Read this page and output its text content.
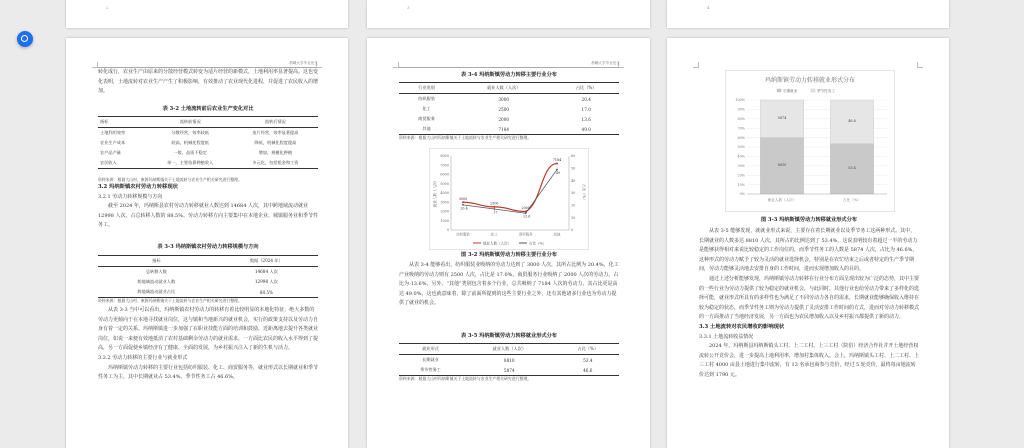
2	3	4
晨曦大学毕业论文

转化成行，农业生产由原来的分散经营模式转变为适片经营的新模式，土地利用率显著提高。这也变化表明，土地流转对农业生产产生了积极影响，有效推动了农业现代化进程，并促进了农民收入的增加。

表 3-2 土地流转前后农业生产变化对比
指标	流转前情况	流转后情况
土地利用效率	分散经营，效率较低	连片经营，效率显著提高
农业生产成本	较高，机械化程度低	降低，机械化程度提高
农产品产量	一般，品质不稳定	增加，规模化种植
农民收入	单一，主要依靠种植收入	多元化，包括租金和工资
资料来源：根据大山村、康源玛纳斯镇关于土地流转与农业生产相关研究进行整理。
3.2 玛纳斯镇农村劳动力转移现状
3.2.1 劳动力转移规模与方向

截至 2024 年，玛纳斯县农村劳动力转移就业人数达到 14684 人次，其中跨地域流动就业 12998 人次，占总转移人数的 88.5%。劳动力转移方向主要集中在本地企业、城镇服务业和季节性务工。

表 3-3 玛纳斯镇农村劳动力转移规模与方向
指标	数据（2024 年）
总转移人数	14684 人次
跨地域流动就业人数	12998 人次
跨地域流动就业占比	88.5%
资料来源：根据大山村、康源玛纳斯镇关于土地流转与农业生产相关研究进行整理。

从表 3-3 当中可以看出，玛纳斯镇农村劳动力的转移有着比较明显的本地化特征，绝大多数的劳动力更倾向于在本地寻找就业岗位，这与镇和当地新兴的就业机会，实行的政策支持以及劳动力自身有着一定的关系。玛纳斯镇进一步加强了在职业技能方面的培训和鼓励，近距离地去提升各类就业岗位，如说一来便有效地抵消了农村基础剩余劳动力的就业需求，一方面比农民的收入水平得到了提高，另一方面促使乡镇经济有了健康、全面的发展，为乡村振兴注入了新的生机与活力。

3.2.2 劳动力转移的主要行业与就业形式

玛纳斯镇劳动力转移的主要行业包括纺织服装、化工、商贸服务等，就业形式以长期就业和季节性务工为主，其中长期就业占 53.4%，季节性务工占 46.6%。

晨曦大学毕业论文
表 3-4 玛纳斯镇劳动力转移主要行业分布
行业类别	就业人数（人次）	占比（%）
纺织服装	3000	20.4
化工	2500	17.0
商贸服务	2000	13.6
其他	7184	49.0
资料来源：根据大山村玛纳斯镇关于土地流转与农业生产相关研究进行整理。
0
1000
2000
3000
4000
5000
6000
7000
8000
0
10
20
30
40
50
60
就业人数（人次）	占比（%）
纺织服装	化工	商贸服务	其他
3000
2500
2000
7184
20.4
17
13.6
49
就业人数（人次）	占比（%）
图 3-2 玛纳斯镇劳动力转移主要行业分布

从表 3-4 能够看出，纺织服装业吸纳的劳动力达到了 3000 人次，其所占比例为 20.4%，化工产业吸纳的劳动力则有 2500 人次，占比是 17.0%，商贸服务行业吸纳了 2000 人次的劳动力，占比为 13.6%，另外，“其他”类别包含着多个行业，总共吸纳了 7184 人次的劳动力，其占比更是高达 49.0%，这也就意味着，除了前面所提到的这些主要行业之外，还有其他诸多行业也为劳动力提供了就业的机会。

表 3-5 玛纳斯镇劳动力转移就业形式分布
就业形式	就业人数（人次）	占比（%）
长期就业	8810	53.4
季节性务工	5874	46.6
资料来源：根据大山村玛纳斯镇关于土地流转与农业生产相关研究进行整理。
玛纳斯镇劳动力转移就业形式分布
0%
10%
20%
30%
40%
50%
60%
70%
80%
90%
100%
长期就业	季节性务工
8810
5874
就业人数（人次）
53.4
46.6
占比（%）
图 3-3 玛纳斯镇劳动力转移就业形式分布

从表 3-5 能够发现，就就业形式来说，主要存在着长期就业以及季节务工这两种形式。其中，长期就业的人数多达 8810 人次，其所占的比例达到了 53.4%，这说表明较有着超过一半的劳动力是能够获得相对来说比较稳定的工作岗位的，而季节性务工的人数是 5874 人次，占比为 46.6%，这种形式的劳动力赋予了较为灵活的就业选择机会，特别是在农忙结束之后或者特定的生产季节期间，劳动力能够灵活地去安排自身的工作时间，进而实现增加收入的目的。

通过上述分析能够发现，玛纳斯镇劳动力转移在行业分布方面呈现出较为广泛的态势，其中主要的一些行业为劳动力提供了较为稳定的就业机会，与此同时，其他行业也给劳动力带来了多样化的选择可能，就业形式所具有的多样性也为满足了不同劳动力各自的需求，长期就业能够确保收入维持在较为稳定的状态，而季节性务工则为劳动力提供了灵活安排工作时间的方式，进而对劳动力转移模式的一方面推动了当地经济发展，另一方面也为农民增加收入以及乡村振兴都提供了新的动力。

3.3 土地流转对农民增收的影响现状
3.3.1 土地流转收益情况

2024 年，玛纳斯县玛纳斯镇头工村、上二工村、上三工村（院俗）经济合作社并开土地经营权流转公开竞价会，进一步提高土地利用率，增加村集体收入。会上，玛纳斯镇头工村、上二工村、上三工村 4000 亩县土地进行集中流转，有 13 名承包商参与竞价，经过 5 轮竞价，最终每亩地流转价达到 1790 元。
